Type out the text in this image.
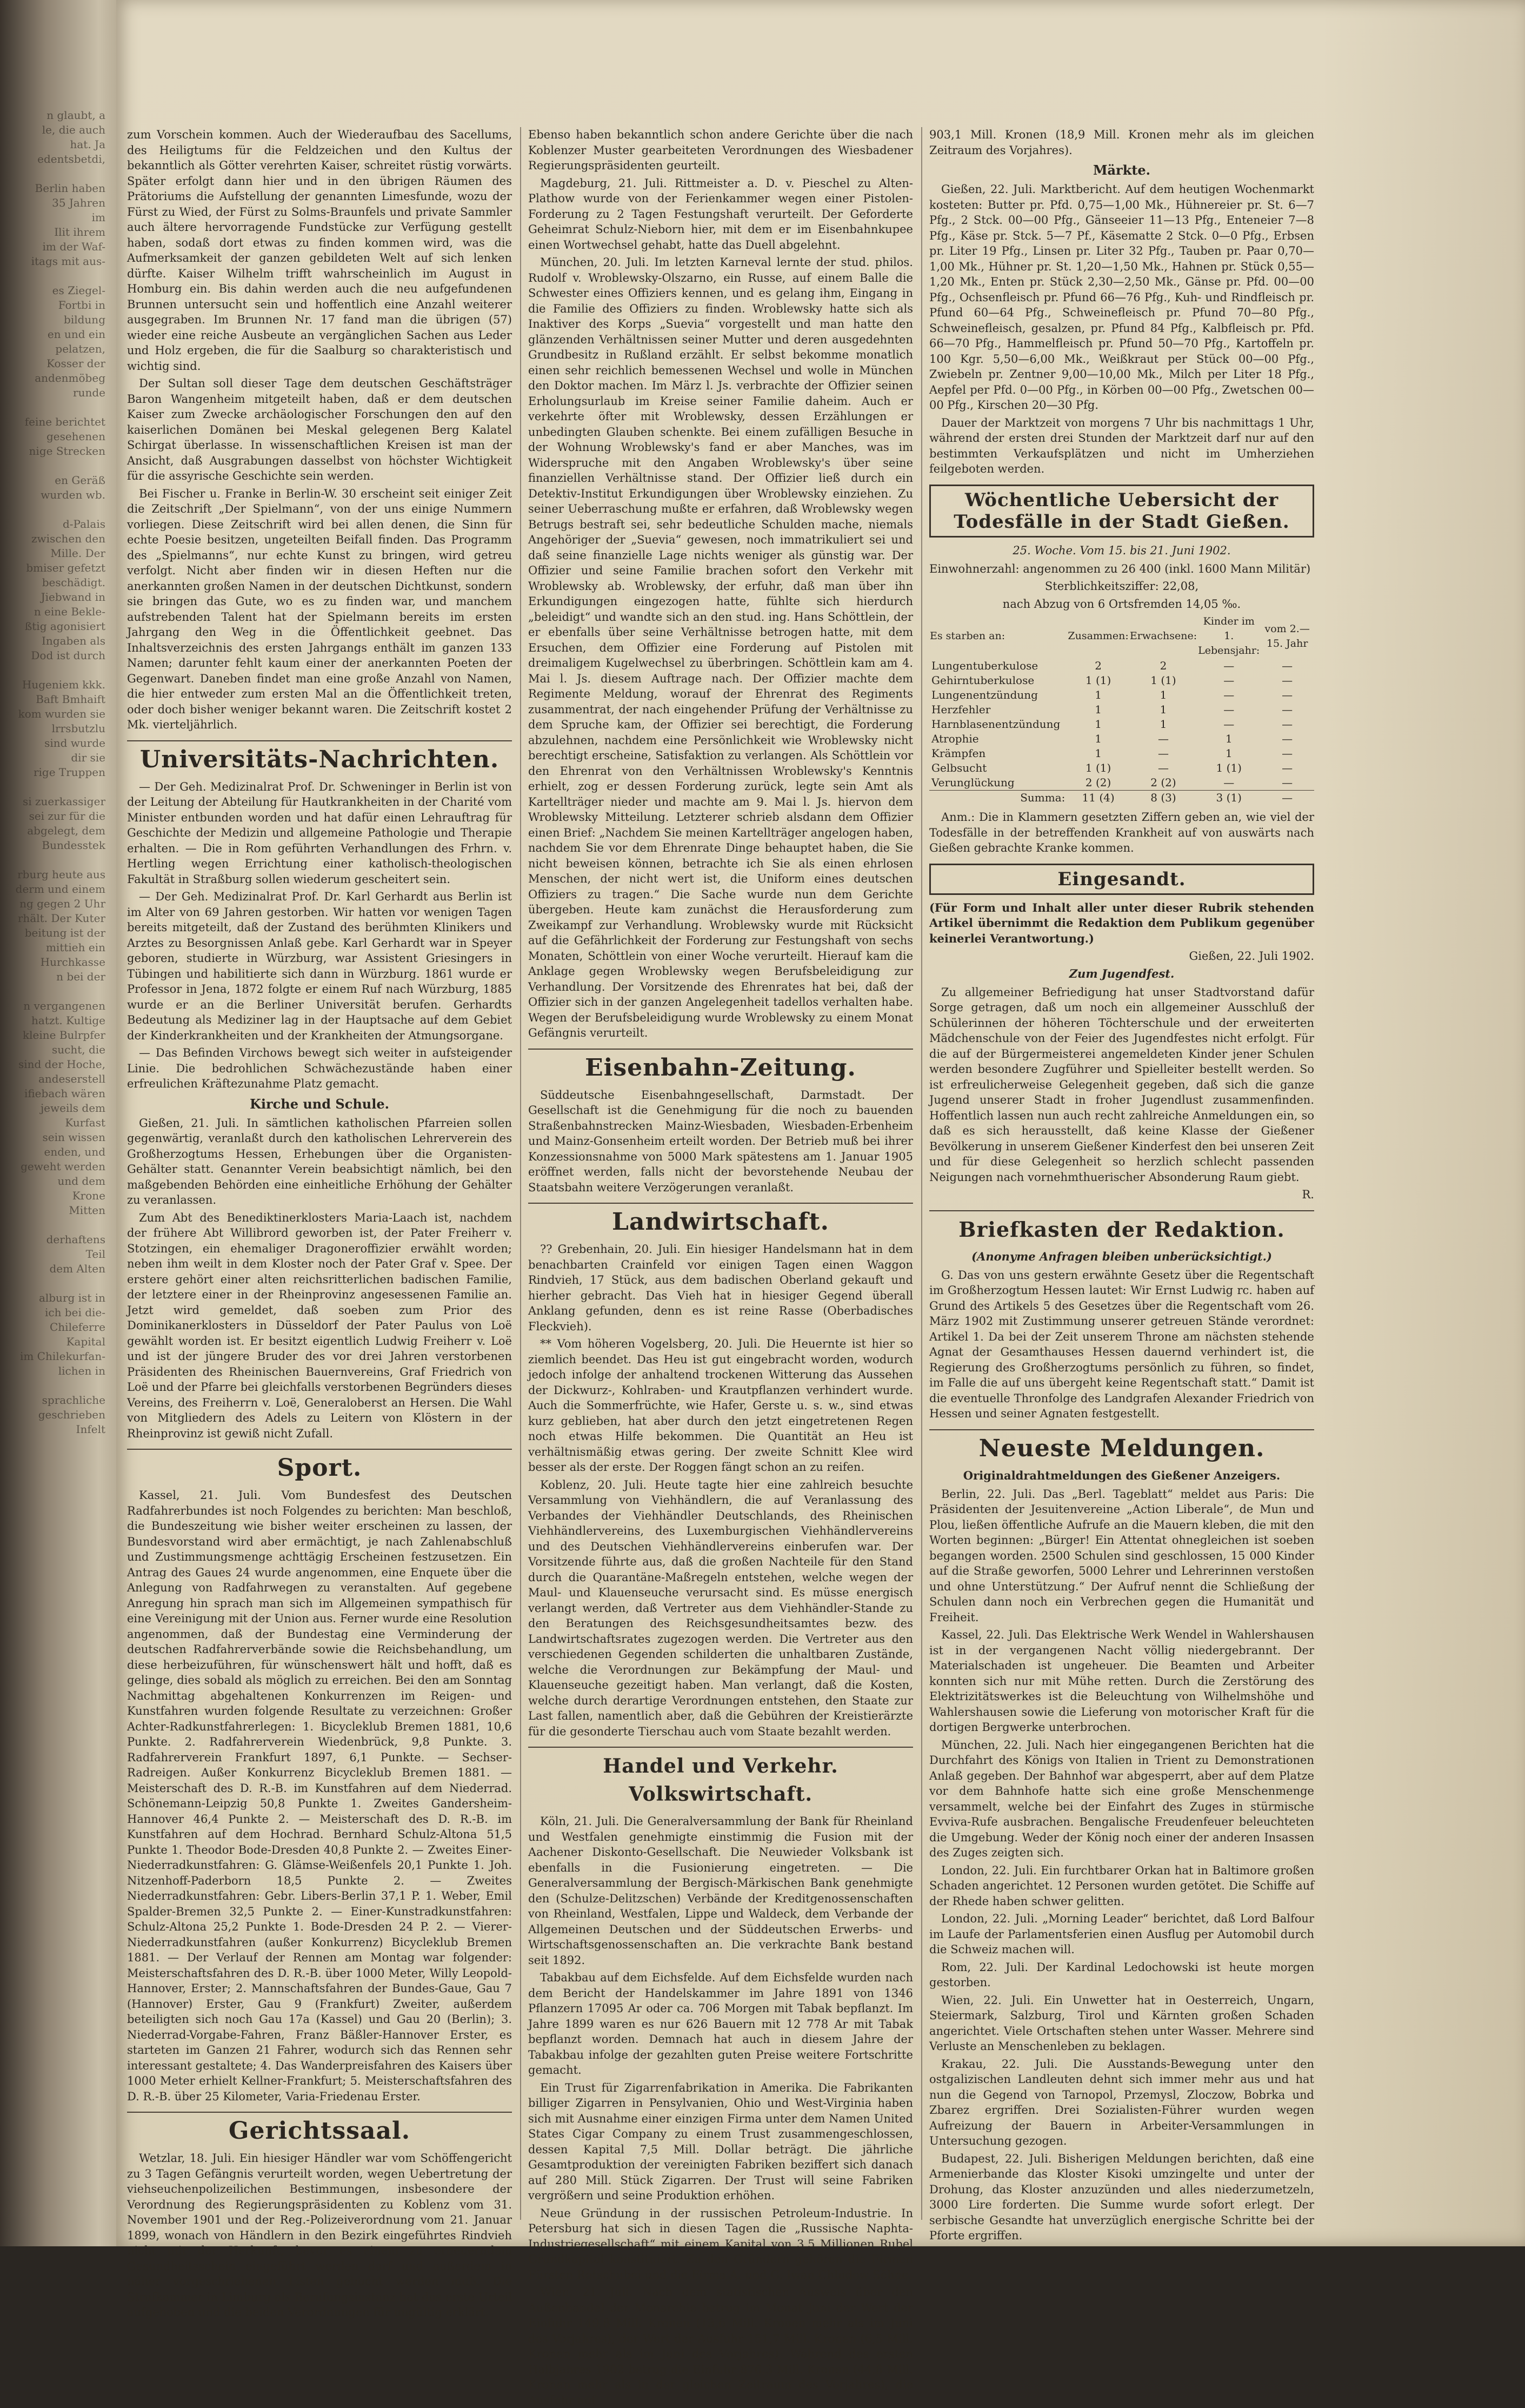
n glaubt, a
le, die auch
hat. Ja
edentsbetdi,

Berlin haben
35 Jahren
im
Ilit ihrem
im der Waf-
itags mit aus-

es Ziegel-
Fortbi in
bildung
en und ein
pelatzen,
Kosser der
andenmöbeg
runde

feine berichtet
gesehenen
nige Strecken

en Geräß
wurden wb.

d-Palais
zwischen den
Mille. Der
bmiser gefetzt
beschädigt.
Jiebwand in
n eine Bekle-
ßtig agonisiert
Ingaben als
Dod ist durch

Hugeniem kkk.
Baft Bmhaift
kom wurden sie
lrrsbutzlu
sind wurde
dir sie
rige Truppen

si zuerkassiger
sei zur für die
abgelegt, dem
Bundesstek

rburg heute aus
derm und einem
ng gegen 2 Uhr
rhält. Der Kuter
beitung ist der
mittieh ein
Hurchkasse
n bei der

n vergangenen
hatzt. Kultige
kleine Bulrpfer
sucht, die
sind der Hoche,
andeserstell
ifiebach wären
jeweils dem Kurfast
sein wissen
enden, und
geweht werden
und dem
Krone
Mitten

derhaftens
Teil
dem Alten

alburg ist in
ich bei die-
Chileferre
Kapital
im Chilekurfan-
lichen in

sprachliche
geschrieben
Infelt

zum Vorschein kommen. Auch der Wiederaufbau des Sacellums, des Heiligtums für die Feldzeichen und den Kultus der bekanntlich als Götter verehrten Kaiser, schreitet rüstig vorwärts. Später erfolgt dann hier und in den übrigen Räumen des Prätoriums die Aufstellung der genannten Limesfunde, wozu der Fürst zu Wied, der Fürst zu Solms-Braunfels und private Sammler auch ältere hervorragende Fundstücke zur Verfügung gestellt haben, sodaß dort etwas zu finden kommen wird, was die Aufmerksamkeit der ganzen gebildeten Welt auf sich lenken dürfte. Kaiser Wilhelm trifft wahrscheinlich im August in Homburg ein. Bis dahin werden auch die neu aufgefundenen Brunnen untersucht sein und hoffentlich eine Anzahl weiterer ausgegraben. Im Brunnen Nr. 17 fand man die übrigen (57) wieder eine reiche Ausbeute an vergänglichen Sachen aus Leder und Holz ergeben, die für die Saalburg so charakteristisch und wichtig sind.

Der Sultan soll dieser Tage dem deutschen Geschäftsträger Baron Wangenheim mitgeteilt haben, daß er dem deutschen Kaiser zum Zwecke archäologischer Forschungen den auf den kaiserlichen Domänen bei Meskal gelegenen Berg Kalatel Schirgat überlasse. In wissenschaftlichen Kreisen ist man der Ansicht, daß Ausgrabungen dasselbst von höchster Wichtigkeit für die assyrische Geschichte sein werden.

Bei Fischer u. Franke in Berlin-W. 30 erscheint seit einiger Zeit die Zeitschrift „Der Spielmann“, von der uns einige Nummern vorliegen. Diese Zeitschrift wird bei allen denen, die Sinn für echte Poesie besitzen, ungeteilten Beifall finden. Das Programm des „Spielmanns“, nur echte Kunst zu bringen, wird getreu verfolgt. Nicht aber finden wir in diesen Heften nur die anerkannten großen Namen in der deutschen Dichtkunst, sondern sie bringen das Gute, wo es zu finden war, und manchem aufstrebenden Talent hat der Spielmann bereits im ersten Jahrgang den Weg in die Öffentlichkeit geebnet. Das Inhaltsverzeichnis des ersten Jahrgangs enthält im ganzen 133 Namen; darunter fehlt kaum einer der anerkannten Poeten der Gegenwart. Daneben findet man eine große Anzahl von Namen, die hier entweder zum ersten Mal an die Öffentlichkeit treten, oder doch bisher weniger bekannt waren. Die Zeitschrift kostet 2 Mk. vierteljährlich.

Universitäts-Nachrichten.

— Der Geh. Medizinalrat Prof. Dr. Schweninger in Berlin ist von der Leitung der Abteilung für Hautkrankheiten in der Charité vom Minister entbunden worden und hat dafür einen Lehrauftrag für Geschichte der Medizin und allgemeine Pathologie und Therapie erhalten. — Die in Rom geführten Verhandlungen des Frhrn. v. Hertling wegen Errichtung einer katholisch-theologischen Fakultät in Straßburg sollen wiederum gescheitert sein.

— Der Geh. Medizinalrat Prof. Dr. Karl Gerhardt aus Berlin ist im Alter von 69 Jahren gestorben. Wir hatten vor wenigen Tagen bereits mitgeteilt, daß der Zustand des berühmten Klinikers und Arztes zu Besorgnissen Anlaß gebe. Karl Gerhardt war in Speyer geboren, studierte in Würzburg, war Assistent Griesingers in Tübingen und habilitierte sich dann in Würzburg. 1861 wurde er Professor in Jena, 1872 folgte er einem Ruf nach Würzburg, 1885 wurde er an die Berliner Universität berufen. Gerhardts Bedeutung als Mediziner lag in der Hauptsache auf dem Gebiet der Kinderkrankheiten und der Krankheiten der Atmungsorgane.

— Das Befinden Virchows bewegt sich weiter in aufsteigender Linie. Die bedrohlichen Schwächezustände haben einer erfreulichen Kräftezunahme Platz gemacht.

Kirche und Schule.

Gießen, 21. Juli. In sämtlichen katholischen Pfarreien sollen gegenwärtig, veranlaßt durch den katholischen Lehrerverein des Großherzogtums Hessen, Erhebungen über die Organisten-Gehälter statt. Genannter Verein beabsichtigt nämlich, bei den maßgebenden Behörden eine einheitliche Erhöhung der Gehälter zu veranlassen.

Zum Abt des Benediktinerklosters Maria-Laach ist, nachdem der frühere Abt Willibrord geworben ist, der Pater Freiherr v. Stotzingen, ein ehemaliger Dragoneroffizier erwählt worden; neben ihm weilt in dem Kloster noch der Pater Graf v. Spee. Der erstere gehört einer alten reichsritterlichen badischen Familie, der letztere einer in der Rheinprovinz angesessenen Familie an. Jetzt wird gemeldet, daß soeben zum Prior des Dominikanerklosters in Düsseldorf der Pater Paulus von Loë gewählt worden ist. Er besitzt eigentlich Ludwig Freiherr v. Loë und ist der jüngere Bruder des vor drei Jahren verstorbenen Präsidenten des Rheinischen Bauernvereins, Graf Friedrich von Loë und der Pfarre bei gleichfalls verstorbenen Begründers dieses Vereins, des Freiherrn v. Loë, Generaloberst an Hersen. Die Wahl von Mitgliedern des Adels zu Leitern von Klöstern in der Rheinprovinz ist gewiß nicht Zufall.

Sport.

Kassel, 21. Juli. Vom Bundesfest des Deutschen Radfahrerbundes ist noch Folgendes zu berichten: Man beschloß, die Bundeszeitung wie bisher weiter erscheinen zu lassen, der Bundesvorstand wird aber ermächtigt, je nach Zahlenabschluß und Zustimmungsmenge achttägig Erscheinen festzusetzen. Ein Antrag des Gaues 24 wurde angenommen, eine Enquete über die Anlegung von Radfahrwegen zu veranstalten. Auf gegebene Anregung hin sprach man sich im Allgemeinen sympathisch für eine Vereinigung mit der Union aus. Ferner wurde eine Resolution angenommen, daß der Bundestag eine Verminderung der deutschen Radfahrerverbände sowie die Reichsbehandlung, um diese herbeizuführen, für wünschenswert hält und hofft, daß es gelinge, dies sobald als möglich zu erreichen. Bei den am Sonntag Nachmittag abgehaltenen Konkurrenzen im Reigen- und Kunstfahren wurden folgende Resultate zu verzeichnen: Großer Achter-Radkunstfahrerlegen: 1. Bicycleklub Bremen 1881, 10,6 Punkte. 2. Radfahrerverein Wiedenbrück, 9,8 Punkte. 3. Radfahrerverein Frankfurt 1897, 6,1 Punkte. — Sechser-Radreigen. Außer Konkurrenz Bicycleklub Bremen 1881. — Meisterschaft des D. R.-B. im Kunstfahren auf dem Niederrad. Schönemann-Leipzig 50,8 Punkte 1. Zweites Gandersheim-Hannover 46,4 Punkte 2. — Meisterschaft des D. R.-B. im Kunstfahren auf dem Hochrad. Bernhard Schulz-Altona 51,5 Punkte 1. Theodor Bode-Dresden 40,8 Punkte 2. — Zweites Einer-Niederradkunstfahren: G. Glämse-Weißenfels 20,1 Punkte 1. Joh. Nitzenhoff-Paderborn 18,5 Punkte 2. — Zweites Niederradkunstfahren: Gebr. Libers-Berlin 37,1 P. 1. Weber, Emil Spalder-Bremen 32,5 Punkte 2. — Einer-Kunstradkunstfahren: Schulz-Altona 25,2 Punkte 1. Bode-Dresden 24 P. 2. — Vierer-Niederradkunstfahren (außer Konkurrenz) Bicycleklub Bremen 1881. — Der Verlauf der Rennen am Montag war folgender: Meisterschaftsfahren des D. R.-B. über 1000 Meter, Willy Leopold-Hannover, Erster; 2. Mannschaftsfahren der Bundes-Gaue, Gau 7 (Hannover) Erster, Gau 9 (Frankfurt) Zweiter, außerdem beteiligten sich noch Gau 17a (Kassel) und Gau 20 (Berlin); 3. Niederrad-Vorgabe-Fahren, Franz Bäßler-Hannover Erster, es starteten im Ganzen 21 Fahrer, wodurch sich das Rennen sehr interessant gestaltete; 4. Das Wanderpreisfahren des Kaisers über 1000 Meter erhielt Kellner-Frankfurt; 5. Meisterschaftsfahren des D. R.-B. über 25 Kilometer, Varia-Friedenau Erster.

Gerichtssaal.

Wetzlar, 18. Juli. Ein hiesiger Händler war vom Schöffengericht zu 3 Tagen Gefängnis verurteilt worden, wegen Uebertretung der viehseuchenpolizeilichen Bestimmungen, insbesondere der Verordnung des Regierungspräsidenten zu Koblenz vom 31. November 1901 und der Reg.-Polizeiverordnung vom 21. Januar 1899, wonach von Händlern in den Bezirk eingeführtes Rindvieh nicht mit der Herkunft, bevor es einem zu erneuerndem Gesundheitsschein eingeführt werden darf und außerdem in näher vorgeschriebenen Listen gebucht werden muß. Die Strafkammer in Limburg als Berufungsinstanz hat das erste Urteil aufgehoben und die beiden Verordnungen für ungültig erklärt.

Ebenso haben bekanntlich schon andere Gerichte über die nach Koblenzer Muster gearbeiteten Verordnungen des Wiesbadener Regierungspräsidenten geurteilt.

Magdeburg, 21. Juli. Rittmeister a. D. v. Pieschel zu Alten-Plathow wurde von der Ferienkammer wegen einer Pistolen-Forderung zu 2 Tagen Festungshaft verurteilt. Der Geforderte Geheimrat Schulz-Nieborn hier, mit dem er im Eisenbahnkupee einen Wortwechsel gehabt, hatte das Duell abgelehnt.

München, 20. Juli. Im letzten Karneval lernte der stud. philos. Rudolf v. Wroblewsky-Olszarno, ein Russe, auf einem Balle die Schwester eines Offiziers kennen, und es gelang ihm, Eingang in die Familie des Offiziers zu finden. Wroblewsky hatte sich als Inaktiver des Korps „Suevia“ vorgestellt und man hatte den glänzenden Verhältnissen seiner Mutter und deren ausgedehnten Grundbesitz in Rußland erzählt. Er selbst bekomme monatlich einen sehr reichlich bemessenen Wechsel und wolle in München den Doktor machen. Im März l. Js. verbrachte der Offizier seinen Erholungsurlaub im Kreise seiner Familie daheim. Auch er verkehrte öfter mit Wroblewsky, dessen Erzählungen er unbedingten Glauben schenkte. Bei einem zufälligen Besuche in der Wohnung Wroblewsky's fand er aber Manches, was im Widerspruche mit den Angaben Wroblewsky's über seine finanziellen Verhältnisse stand. Der Offizier ließ durch ein Detektiv-Institut Erkundigungen über Wroblewsky einziehen. Zu seiner Ueberraschung mußte er erfahren, daß Wroblewsky wegen Betrugs bestraft sei, sehr bedeutliche Schulden mache, niemals Angehöriger der „Suevia“ gewesen, noch immatrikuliert sei und daß seine finanzielle Lage nichts weniger als günstig war. Der Offizier und seine Familie brachen sofort den Verkehr mit Wroblewsky ab. Wroblewsky, der erfuhr, daß man über ihn Erkundigungen eingezogen hatte, fühlte sich hierdurch „beleidigt“ und wandte sich an den stud. ing. Hans Schöttlein, der er ebenfalls über seine Verhältnisse betrogen hatte, mit dem Ersuchen, dem Offizier eine Forderung auf Pistolen mit dreimaligem Kugelwechsel zu überbringen. Schöttlein kam am 4. Mai l. Js. diesem Auftrage nach. Der Offizier machte dem Regimente Meldung, worauf der Ehrenrat des Regiments zusammentrat, der nach eingehender Prüfung der Verhältnisse zu dem Spruche kam, der Offizier sei berechtigt, die Forderung abzulehnen, nachdem eine Persönlichkeit wie Wroblewsky nicht berechtigt erscheine, Satisfaktion zu verlangen. Als Schöttlein vor den Ehrenrat von den Verhältnissen Wroblewsky's Kenntnis erhielt, zog er dessen Forderung zurück, legte sein Amt als Kartellträger nieder und machte am 9. Mai l. Js. hiervon dem Wroblewsky Mitteilung. Letzterer schrieb alsdann dem Offizier einen Brief: „Nachdem Sie meinen Kartellträger angelogen haben, nachdem Sie vor dem Ehrenrate Dinge behauptet haben, die Sie nicht beweisen können, betrachte ich Sie als einen ehrlosen Menschen, der nicht wert ist, die Uniform eines deutschen Offiziers zu tragen.“ Die Sache wurde nun dem Gerichte übergeben. Heute kam zunächst die Herausforderung zum Zweikampf zur Verhandlung. Wroblewsky wurde mit Rücksicht auf die Gefährlichkeit der Forderung zur Festungshaft von sechs Monaten, Schöttlein von einer Woche verurteilt. Hierauf kam die Anklage gegen Wroblewsky wegen Berufsbeleidigung zur Verhandlung. Der Vorsitzende des Ehrenrates hat bei, daß der Offizier sich in der ganzen Angelegenheit tadellos verhalten habe. Wegen der Berufsbeleidigung wurde Wroblewsky zu einem Monat Gefängnis verurteilt.

Eisenbahn-Zeitung.

Süddeutsche Eisenbahngesellschaft, Darmstadt. Der Gesellschaft ist die Genehmigung für die noch zu bauenden Straßenbahnstrecken Mainz-Wiesbaden, Wiesbaden-Erbenheim und Mainz-Gonsenheim erteilt worden. Der Betrieb muß bei ihrer Konzessionsnahme von 5000 Mark spätestens am 1. Januar 1905 eröffnet werden, falls nicht der bevorstehende Neubau der Staatsbahn weitere Verzögerungen veranlaßt.

Landwirtschaft.

?? Grebenhain, 20. Juli. Ein hiesiger Handelsmann hat in dem benachbarten Crainfeld vor einigen Tagen einen Waggon Rindvieh, 17 Stück, aus dem badischen Oberland gekauft und hierher gebracht. Das Vieh hat in hiesiger Gegend überall Anklang gefunden, denn es ist reine Rasse (Oberbadisches Fleckvieh).

** Vom höheren Vogelsberg, 20. Juli. Die Heuernte ist hier so ziemlich beendet. Das Heu ist gut eingebracht worden, wodurch jedoch infolge der anhaltend trockenen Witterung das Aussehen der Dickwurz-, Kohlraben- und Krautpflanzen verhindert wurde. Auch die Sommerfrüchte, wie Hafer, Gerste u. s. w., sind etwas kurz geblieben, hat aber durch den jetzt eingetretenen Regen noch etwas Hilfe bekommen. Die Quantität an Heu ist verhältnismäßig etwas gering. Der zweite Schnitt Klee wird besser als der erste. Der Roggen fängt schon an zu reifen.

Koblenz, 20. Juli. Heute tagte hier eine zahlreich besuchte Versammlung von Viehhändlern, die auf Veranlassung des Verbandes der Viehhändler Deutschlands, des Rheinischen Viehhändlervereins, des Luxemburgischen Viehhändlervereins und des Deutschen Viehhändlervereins einberufen war. Der Vorsitzende führte aus, daß die großen Nachteile für den Stand durch die Quarantäne-Maßregeln entstehen, welche wegen der Maul- und Klauenseuche verursacht sind. Es müsse energisch verlangt werden, daß Vertreter aus dem Viehhändler-Stande zu den Beratungen des Reichsgesundheitsamtes bezw. des Landwirtschaftsrates zugezogen werden. Die Vertreter aus den verschiedenen Gegenden schilderten die unhaltbaren Zustände, welche die Verordnungen zur Bekämpfung der Maul- und Klauenseuche gezeitigt haben. Man verlangt, daß die Kosten, welche durch derartige Verordnungen entstehen, den Staate zur Last fallen, namentlich aber, daß die Gebühren der Kreistierärzte für die gesonderte Tierschau auch vom Staate bezahlt werden.

Handel und Verkehr. Volkswirtschaft.

Köln, 21. Juli. Die Generalversammlung der Bank für Rheinland und Westfalen genehmigte einstimmig die Fusion mit der Aachener Diskonto-Gesellschaft. Die Neuwieder Volksbank ist ebenfalls in die Fusionierung eingetreten. — Die Generalversammlung der Bergisch-Märkischen Bank genehmigte den (Schulze-Delitzschen) Verbände der Kreditgenossenschaften von Rheinland, Westfalen, Lippe und Waldeck, dem Verbande der Allgemeinen Deutschen und der Süddeutschen Erwerbs- und Wirtschaftsgenossenschaften an. Die verkrachte Bank bestand seit 1892.

Tabakbau auf dem Eichsfelde. Auf dem Eichsfelde wurden nach dem Bericht der Handelskammer im Jahre 1891 von 1346 Pflanzern 17095 Ar oder ca. 706 Morgen mit Tabak bepflanzt. Im Jahre 1899 waren es nur 626 Bauern mit 12 778 Ar mit Tabak bepflanzt worden. Demnach hat auch in diesem Jahre der Tabakbau infolge der gezahlten guten Preise weitere Fortschritte gemacht.

Ein Trust für Zigarrenfabrikation in Amerika. Die Fabrikanten billiger Zigarren in Pensylvanien, Ohio und West-Virginia haben sich mit Ausnahme einer einzigen Firma unter dem Namen United States Cigar Company zu einem Trust zusammengeschlossen, dessen Kapital 7,5 Mill. Dollar beträgt. Die jährliche Gesamtproduktion der vereinigten Fabriken beziffert sich danach auf 280 Mill. Stück Zigarren. Der Trust will seine Fabriken vergrößern und seine Produktion erhöhen.

Neue Gründung in der russischen Petroleum-Industrie. In Petersburg hat sich in diesen Tagen die „Russische Naphta-Industriegesellschaft“ mit einem Kapital von 3,5 Millionen Rubel Grundkapital konstituiert. Zu den Gründern gehören die Firmen Fürsten Rotschubei und die Firma A. und G. Iwan Chludow Söhne.

Wien, 21. Juli. Nach dem statistischen Ausweis über den Außenhandel der Monarchie betrug im Monat Juni der Wert der Einfuhr 149,8 Mill. Kronen (13,6 Mill. Kronen mehr als im Juni des Vorjahres), der Wert der Ausfuhr 151,7 Mill. Kronen (6,5 Mill. Kronen mehr als im Juni des Vorjahres). Während des ersten Halbjahres 1902 betrug die Einfuhr 876,3 Mill. Kronen (44,8 Mill. Kronen mehr als in der gleichen Zeitraum des Vorjahres), die Ausfuhr auf

903,1 Mill. Kronen (18,9 Mill. Kronen mehr als im gleichen Zeitraum des Vorjahres).

Märkte.

Gießen, 22. Juli. Marktbericht. Auf dem heutigen Wochenmarkt kosteten: Butter pr. Pfd. 0,75—1,00 Mk., Hühnereier pr. St. 6—7 Pfg., 2 Stck. 00—00 Pfg., Gänseeier 11—13 Pfg., Enteneier 7—8 Pfg., Käse pr. Stck. 5—7 Pf., Käsematte 2 Stck. 0—0 Pfg., Erbsen pr. Liter 19 Pfg., Linsen pr. Liter 32 Pfg., Tauben pr. Paar 0,70—1,00 Mk., Hühner pr. St. 1,20—1,50 Mk., Hahnen pr. Stück 0,55—1,20 Mk., Enten pr. Stück 2,30—2,50 Mk., Gänse pr. Pfd. 00—00 Pfg., Ochsenfleisch pr. Pfund 66—76 Pfg., Kuh- und Rindfleisch pr. Pfund 60—64 Pfg., Schweinefleisch pr. Pfund 70—80 Pfg., Schweinefleisch, gesalzen, pr. Pfund 84 Pfg., Kalbfleisch pr. Pfd. 66—70 Pfg., Hammelfleisch pr. Pfund 50—70 Pfg., Kartoffeln pr. 100 Kgr. 5,50—6,00 Mk., Weißkraut per Stück 00—00 Pfg., Zwiebeln pr. Zentner 9,00—10,00 Mk., Milch per Liter 18 Pfg., Aepfel per Pfd. 0—00 Pfg., in Körben 00—00 Pfg., Zwetschen 00—00 Pfg., Kirschen 20—30 Pfg.

Dauer der Marktzeit von morgens 7 Uhr bis nachmittags 1 Uhr, während der ersten drei Stunden der Marktzeit darf nur auf den bestimmten Verkaufsplätzen und nicht im Umherziehen feilgeboten werden.

Wöchentliche Uebersicht der Todesfälle in der Stadt Gießen.
25. Woche. Vom 15. bis 21. Juni 1902.

Einwohnerzahl: angenommen zu 26 400 (inkl. 1600 Mann Militär)

Sterblichkeitsziffer: 22,08,

nach Abzug von 6 Ortsfremden 14,05 ‰.

Es starben an:	Zusammen:	Erwachsene:	Kinder im 1. Lebensjahr:	vom 2.—15. Jahr
Lungentuberkulose	2	2	—	—
Gehirntuberkulose	1 (1)	1 (1)	—	—
Lungenentzündung	1	1	—	—
Herzfehler	1	1	—	—
Harnblasenentzündung	1	1	—	—
Atrophie	1	—	1	—
Krämpfen	1	—	1	—
Gelbsucht	1 (1)	—	1 (1)	—
Verunglückung	2 (2)	2 (2)	—	—
Summa:	11 (4)	8 (3)	3 (1)	—

Anm.: Die in Klammern gesetzten Ziffern geben an, wie viel der Todesfälle in der betreffenden Krankheit auf von auswärts nach Gießen gebrachte Kranke kommen.

Eingesandt.

(Für Form und Inhalt aller unter dieser Rubrik stehenden Artikel übernimmt die Redaktion dem Publikum gegenüber keinerlei Verantwortung.)

Gießen, 22. Juli 1902.

Zum Jugendfest.

Zu allgemeiner Befriedigung hat unser Stadtvorstand dafür Sorge getragen, daß um noch ein allgemeiner Ausschluß der Schülerinnen der höheren Töchterschule und der erweiterten Mädchenschule von der Feier des Jugendfestes nicht erfolgt. Für die auf der Bürgermeisterei angemeldeten Kinder jener Schulen werden besondere Zugführer und Spielleiter bestellt werden. So ist erfreulicherweise Gelegenheit gegeben, daß sich die ganze Jugend unserer Stadt in froher Jugendlust zusammenfinden. Hoffentlich lassen nun auch recht zahlreiche Anmeldungen ein, so daß es sich herausstellt, daß keine Klasse der Gießener Bevölkerung in unserem Gießener Kinderfest den bei unseren Zeit und für diese Gelegenheit so herzlich schlecht passenden Neigungen nach vornehmthuerischer Absonderung Raum giebt.

R.

Briefkasten der Redaktion.
(Anonyme Anfragen bleiben unberücksichtigt.)

G. Das von uns gestern erwähnte Gesetz über die Regentschaft im Großherzogtum Hessen lautet: Wir Ernst Ludwig rc. haben auf Grund des Artikels 5 des Gesetzes über die Regentschaft vom 26. März 1902 mit Zustimmung unserer getreuen Stände verordnet: Artikel 1. Da bei der Zeit unserem Throne am nächsten stehende Agnat der Gesamthauses Hessen dauernd verhindert ist, die Regierung des Großherzogtums persönlich zu führen, so findet, im Falle die auf uns übergeht keine Regentschaft statt.“ Damit ist die eventuelle Thronfolge des Landgrafen Alexander Friedrich von Hessen und seiner Agnaten festgestellt.

Neueste Meldungen.
Originaldrahtmeldungen des Gießener Anzeigers.

Berlin, 22. Juli. Das „Berl. Tageblatt“ meldet aus Paris: Die Präsidenten der Jesuitenvereine „Action Liberale“, de Mun und Plou, ließen öffentliche Aufrufe an die Mauern kleben, die mit den Worten beginnen: „Bürger! Ein Attentat ohnegleichen ist soeben begangen worden. 2500 Schulen sind geschlossen, 15 000 Kinder auf die Straße geworfen, 5000 Lehrer und Lehrerinnen verstoßen und ohne Unterstützung.“ Der Aufruf nennt die Schließung der Schulen dann noch ein Verbrechen gegen die Humanität und Freiheit.

Kassel, 22. Juli. Das Elektrische Werk Wendel in Wahlershausen ist in der vergangenen Nacht völlig niedergebrannt. Der Materialschaden ist ungeheuer. Die Beamten und Arbeiter konnten sich nur mit Mühe retten. Durch die Zerstörung des Elektrizitätswerkes ist die Beleuchtung von Wilhelmshöhe und Wahlershausen sowie die Lieferung von motorischer Kraft für die dortigen Bergwerke unterbrochen.

München, 22. Juli. Nach hier eingegangenen Berichten hat die Durchfahrt des Königs von Italien in Trient zu Demonstrationen Anlaß gegeben. Der Bahnhof war abgesperrt, aber auf dem Platze vor dem Bahnhofe hatte sich eine große Menschenmenge versammelt, welche bei der Einfahrt des Zuges in stürmische Evviva-Rufe ausbrachen. Bengalische Freudenfeuer beleuchteten die Umgebung. Weder der König noch einer der anderen Insassen des Zuges zeigten sich.

London, 22. Juli. Ein furchtbarer Orkan hat in Baltimore großen Schaden angerichtet. 12 Personen wurden getötet. Die Schiffe auf der Rhede haben schwer gelitten.

London, 22. Juli. „Morning Leader“ berichtet, daß Lord Balfour im Laufe der Parlamentsferien einen Ausflug per Automobil durch die Schweiz machen will.

Rom, 22. Juli. Der Kardinal Ledochowski ist heute morgen gestorben.

Wien, 22. Juli. Ein Unwetter hat in Oesterreich, Ungarn, Steiermark, Salzburg, Tirol und Kärnten großen Schaden angerichtet. Viele Ortschaften stehen unter Wasser. Mehrere sind Verluste an Menschenleben zu beklagen.

Krakau, 22. Juli. Die Ausstands-Bewegung unter den ostgalizischen Landleuten dehnt sich immer mehr aus und hat nun die Gegend von Tarnopol, Przemysl, Zloczow, Bobrka und Zbarez ergriffen. Drei Sozialisten-Führer wurden wegen Aufreizung der Bauern in Arbeiter-Versammlungen in Untersuchung gezogen.

Budapest, 22. Juli. Bisherigen Meldungen berichten, daß eine Armenierbande das Kloster Kisoki umzingelte und unter der Drohung, das Kloster anzuzünden und alles niederzumetzeln, 3000 Lire forderten. Die Summe wurde sofort erlegt. Der serbische Gesandte hat unverzüglich energische Schritte bei der Pforte ergriffen.
